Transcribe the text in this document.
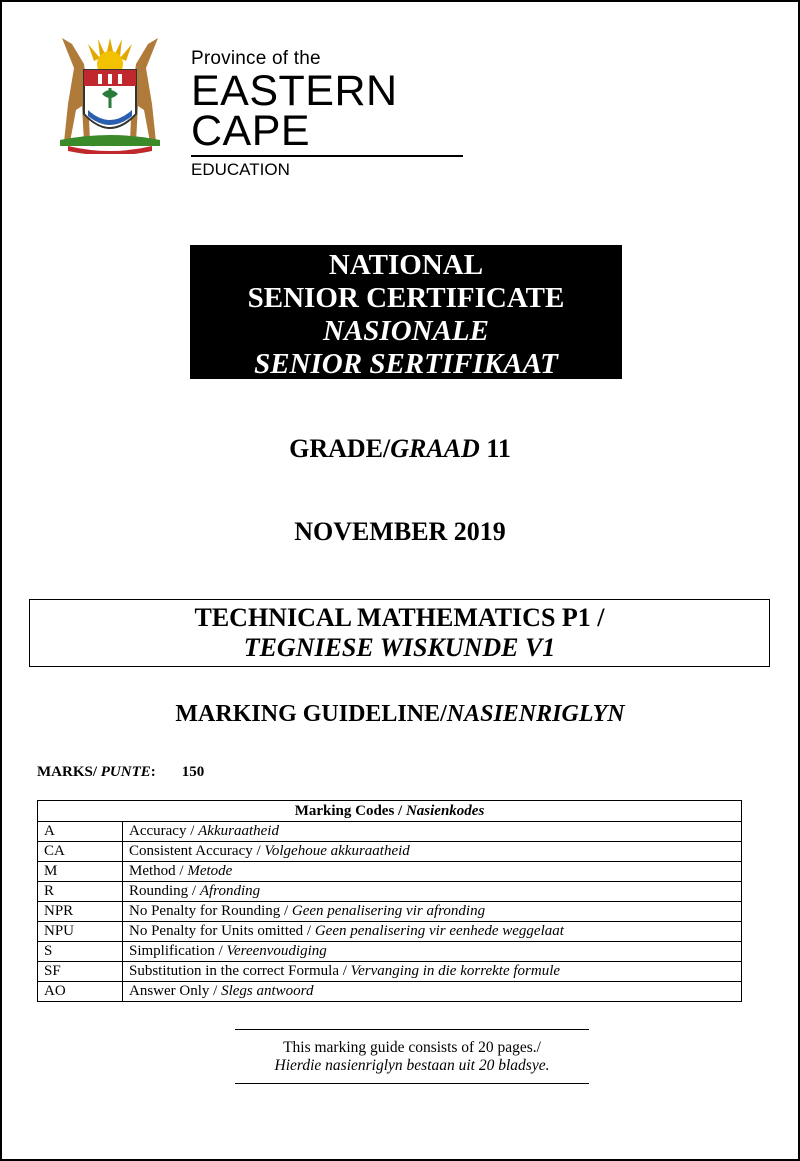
Province of the
EASTERN CAPE
EDUCATION
NATIONAL
SENIOR CERTIFICATE
NASIONALE
SENIOR SERTIFIKAAT
GRADE/GRAAD 11
NOVEMBER 2019
TECHNICAL MATHEMATICS P1 /
TEGNIESE WISKUNDE V1
MARKING GUIDELINE/NASIENRIGLYN
MARKS/ PUNTE: 150
Marking Codes / Nasienkodes	
A	Accuracy / Akkuraatheid
CA	Consistent Accuracy / Volgehoue akkuraatheid
M	Method / Metode
R	Rounding / Afronding
NPR	No Penalty for Rounding / Geen penalisering vir afronding
NPU	No Penalty for Units omitted / Geen penalisering vir eenhede weggelaat
S	Simplification / Vereenvoudiging
SF	Substitution in the correct Formula / Vervanging in die korrekte formule
AO	Answer Only / Slegs antwoord
This marking guide consists of 20 pages./
Hierdie nasienriglyn bestaan uit 20 bladsye.
